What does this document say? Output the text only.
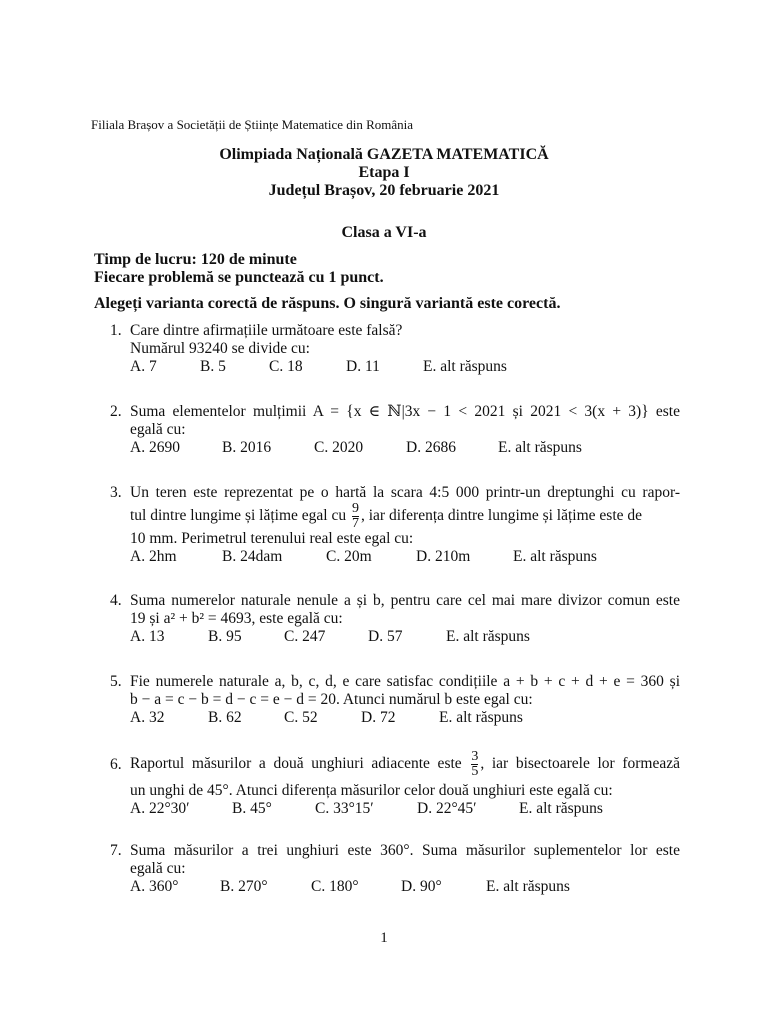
Filiala Brașov a Societății de Științe Matematice din România
Olimpiada Națională GAZETA MATEMATICĂ
Etapa I
Județul Brașov, 20 februarie 2021
Clasa a VI-a
Timp de lucru: 120 de minute
Fiecare problemă se punctează cu 1 punct.
Alegeți varianta corectă de răspuns. O singură variantă este corectă.
1. Care dintre afirmațiile următoare este falsă?
Numărul 93240 se divide cu:
A. 7	B. 5	C. 18	D. 11	E. alt răspuns
2. Suma elementelor mulțimii A = {x ∈ ℕ|3x − 1 < 2021 și 2021 < 3(x + 3)} este
egală cu:
A. 2690	B. 2016	C. 2020	D. 2686	E. alt răspuns
3. Un teren este reprezentat pe o hartă la scara 4:5 000 printr-un dreptunghi cu rapor-
tul dintre lungime și lățime egal cu $\frac{9}{7}$ , iar diferența dintre lungime și lățime este de
10 mm. Perimetrul terenului real este egal cu:
A. 2hm	B. 24dam	C. 20m	D. 210m	E. alt răspuns
4. Suma numerelor naturale nenule a și b, pentru care cel mai mare divizor comun este
19 și a² + b² = 4693, este egală cu:
A. 13	B. 95	C. 247	D. 57	E. alt răspuns
5. Fie numerele naturale a, b, c, d, e care satisfac condițiile a + b + c + d + e = 360 și
b − a = c − b = d − c = e − d = 20. Atunci numărul b este egal cu:
A. 32	B. 62	C. 52	D. 72	E. alt răspuns
6. Raportul măsurilor a două unghiuri adiacente este $\frac{3}{5}$ , iar bisectoarele lor formează
un unghi de 45°. Atunci diferența măsurilor celor două unghiuri este egală cu:
A. 22°30′	B. 45°	C. 33°15′	D. 22°45′	E. alt răspuns
7. Suma măsurilor a trei unghiuri este 360°. Suma măsurilor suplementelor lor este
egală cu:
A. 360°	B. 270°	C. 180°	D. 90°	E. alt răspuns
1
